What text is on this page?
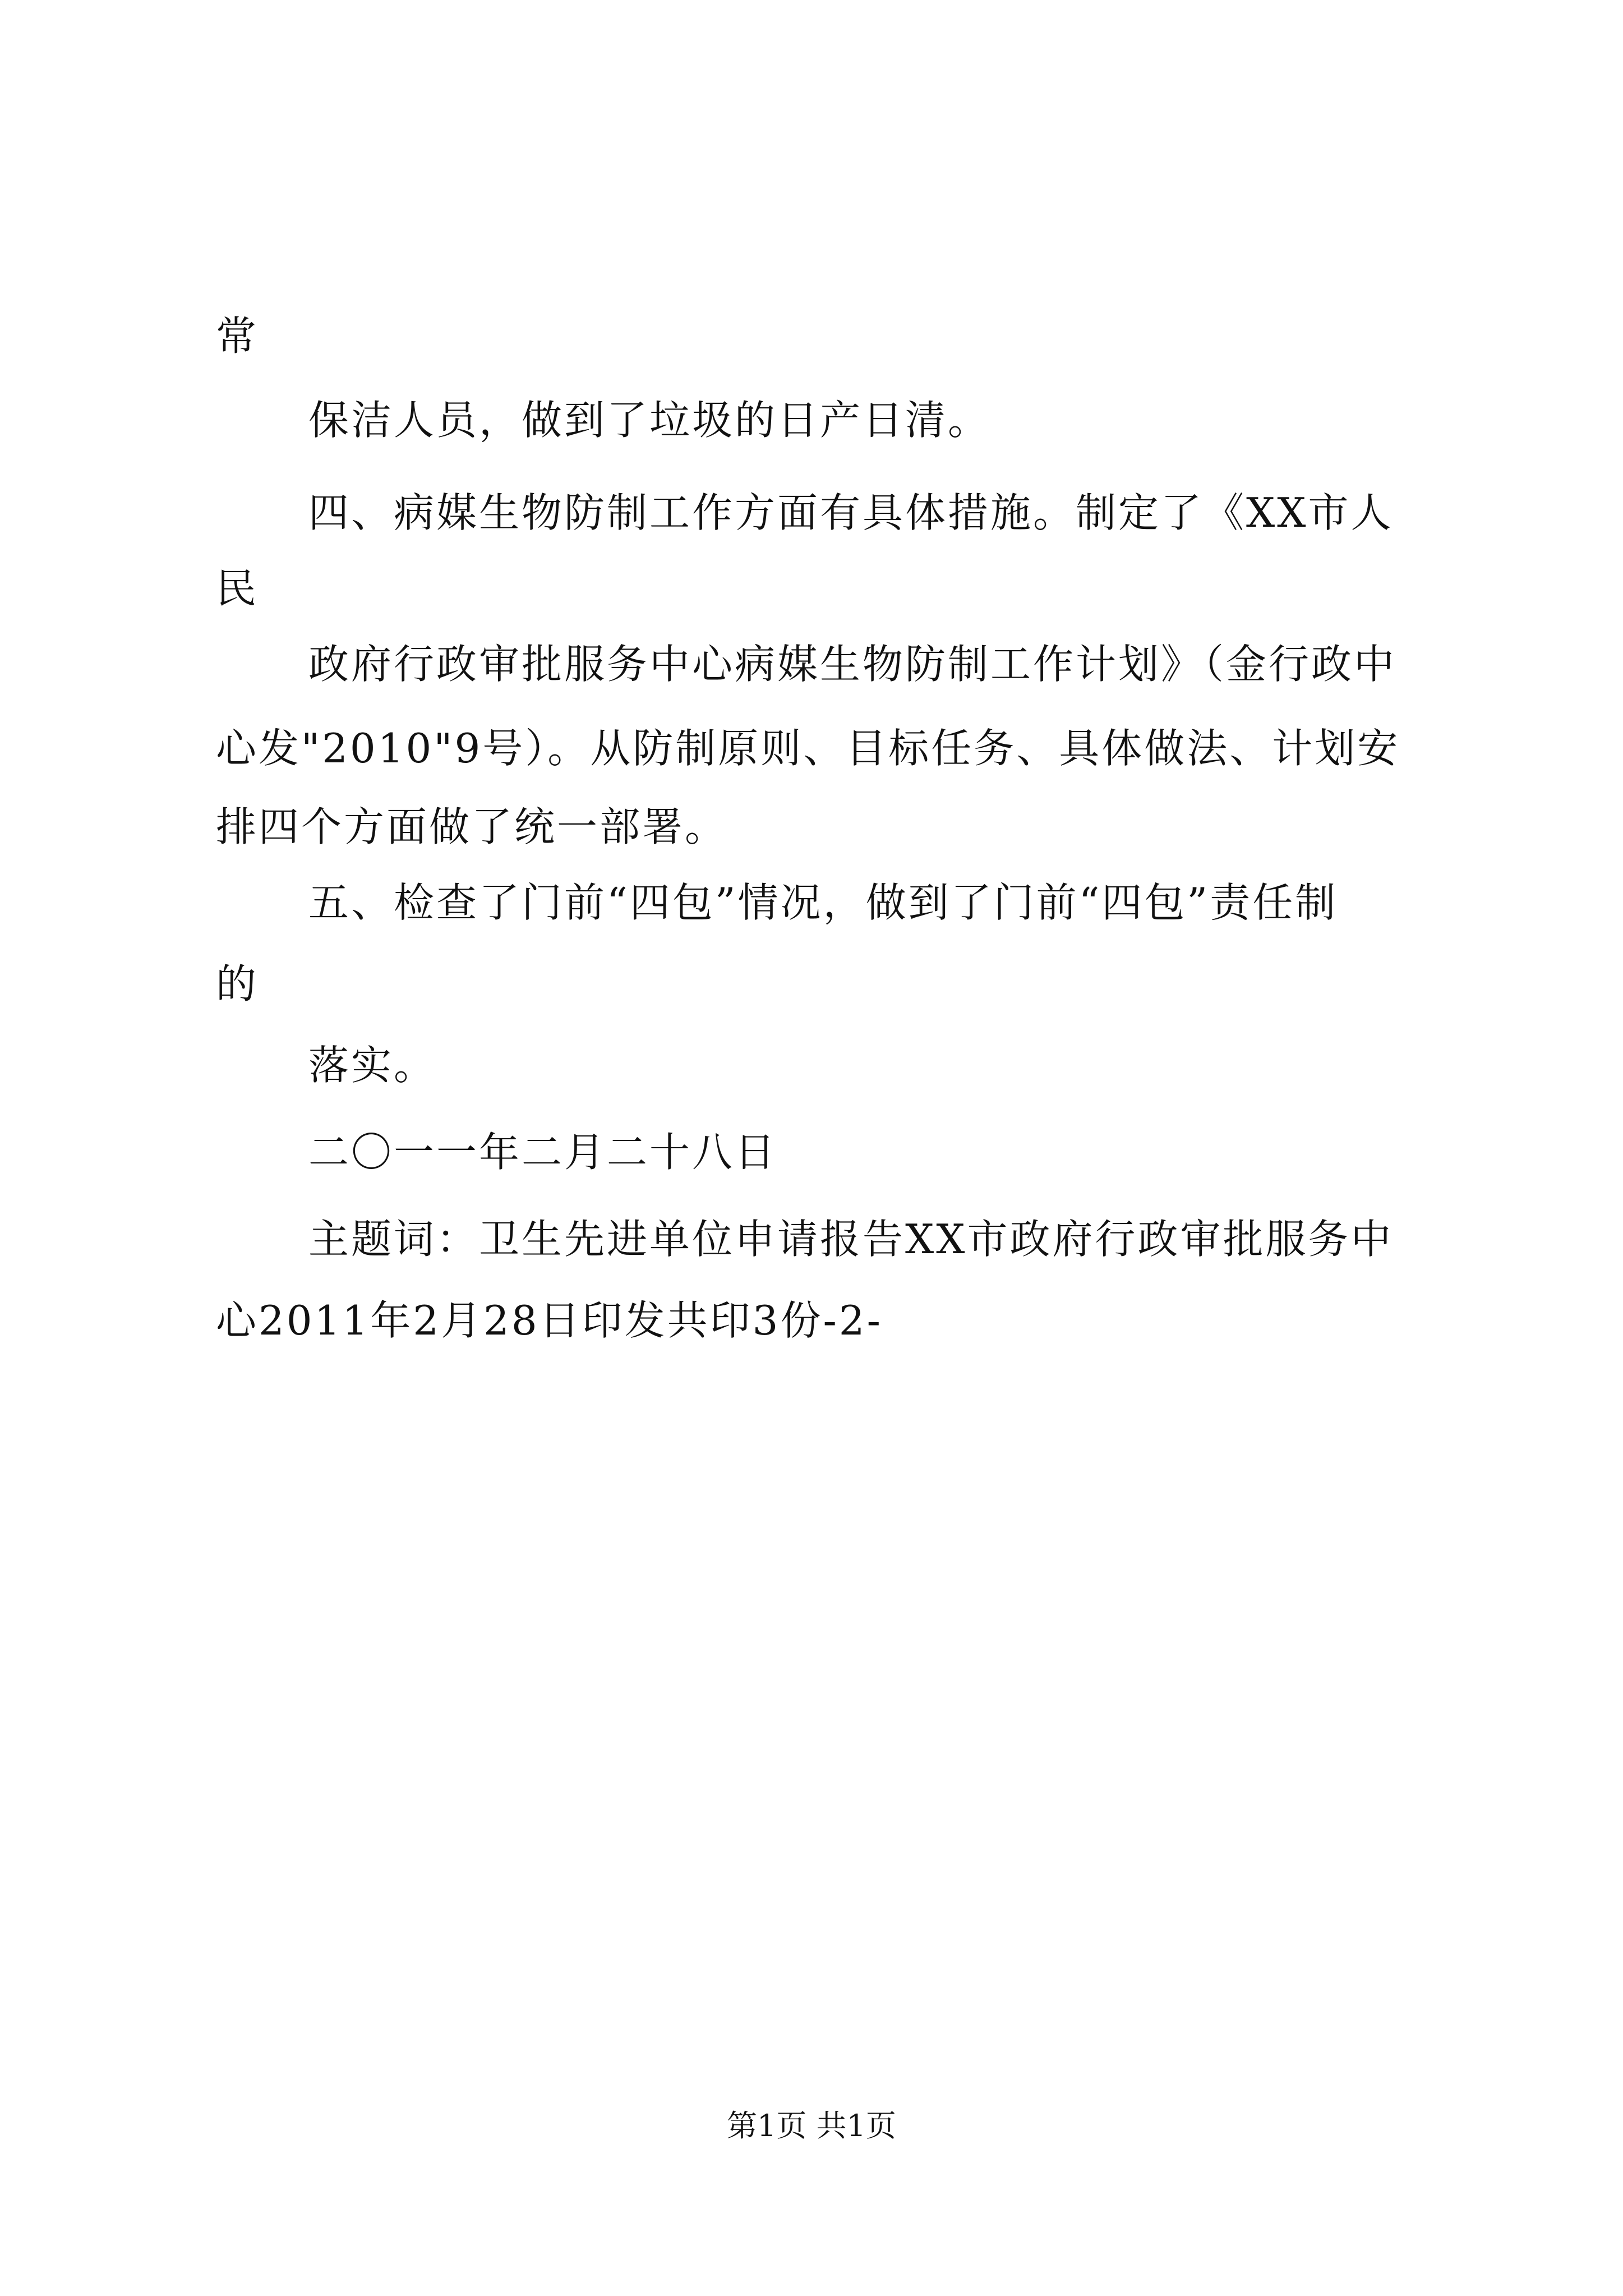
常
保洁人员，做到了垃圾的日产日清。
四、病媒生物防制工作方面有具体措施。制定了《XX市人
民
政府行政审批服务中心病媒生物防制工作计划》（金行政中
心发"2010"9号）。从防制原则、目标任务、具体做法、计划安
排四个方面做了统一部署。
五、检查了门前“四包”情况，做到了门前“四包”责任制
的
落实。
二〇一一年二月二十八日
主题词：卫生先进单位申请报告XX市政府行政审批服务中
心2011年2月28日印发共印3份-2-
第1页 共1页
